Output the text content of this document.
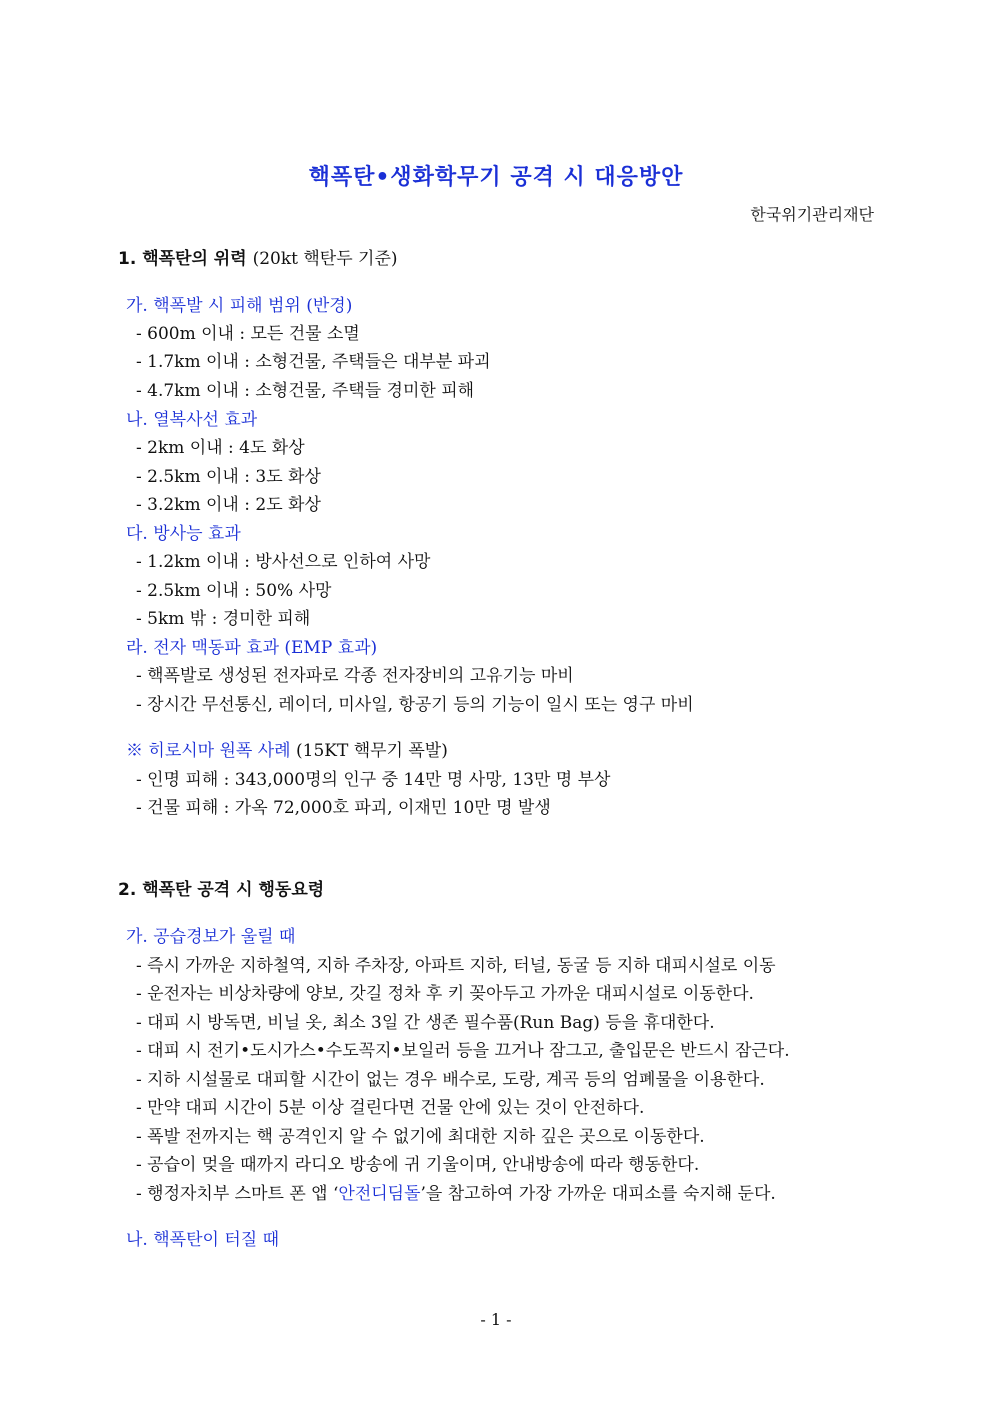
핵폭탄•생화학무기 공격 시 대응방안
한국위기관리재단
1. 핵폭탄의 위력 (20kt 핵탄두 기준)
가. 핵폭발 시 피해 범위 (반경)
- 600m 이내 : 모든 건물 소멸
- 1.7km 이내 : 소형건물, 주택들은 대부분 파괴
- 4.7km 이내 : 소형건물, 주택들 경미한 피해
나. 열복사선 효과
- 2km 이내 : 4도 화상
- 2.5km 이내 : 3도 화상
- 3.2km 이내 : 2도 화상
다. 방사능 효과
- 1.2km 이내 : 방사선으로 인하여 사망
- 2.5km 이내 : 50% 사망
- 5km 밖 : 경미한 피해
라. 전자 맥동파 효과 (EMP 효과)
- 핵폭발로 생성된 전자파로 각종 전자장비의 고유기능 마비
- 장시간 무선통신, 레이더, 미사일, 항공기 등의 기능이 일시 또는 영구 마비
※ 히로시마 원폭 사례 (15KT 핵무기 폭발)
- 인명 피해 : 343,000명의 인구 중 14만 명 사망, 13만 명 부상
- 건물 피해 : 가옥 72,000호 파괴, 이재민 10만 명 발생
2. 핵폭탄 공격 시 행동요령
가. 공습경보가 울릴 때
- 즉시 가까운 지하철역, 지하 주차장, 아파트 지하, 터널, 동굴 등 지하 대피시설로 이동
- 운전자는 비상차량에 양보, 갓길 정차 후 키 꽂아두고 가까운 대피시설로 이동한다.
- 대피 시 방독면, 비닐 옷, 최소 3일 간 생존 필수품(Run Bag) 등을 휴대한다.
- 대피 시 전기•도시가스•수도꼭지•보일러 등을 끄거나 잠그고, 출입문은 반드시 잠근다.
- 지하 시설물로 대피할 시간이 없는 경우 배수로, 도랑, 계곡 등의 엄폐물을 이용한다.
- 만약 대피 시간이 5분 이상 걸린다면 건물 안에 있는 것이 안전하다.
- 폭발 전까지는 핵 공격인지 알 수 없기에 최대한 지하 깊은 곳으로 이동한다.
- 공습이 멎을 때까지 라디오 방송에 귀 기울이며, 안내방송에 따라 행동한다.
- 행정자치부 스마트 폰 앱 ‘안전디딤돌’을 참고하여 가장 가까운 대피소를 숙지해 둔다.
나. 핵폭탄이 터질 때
- 1 -
